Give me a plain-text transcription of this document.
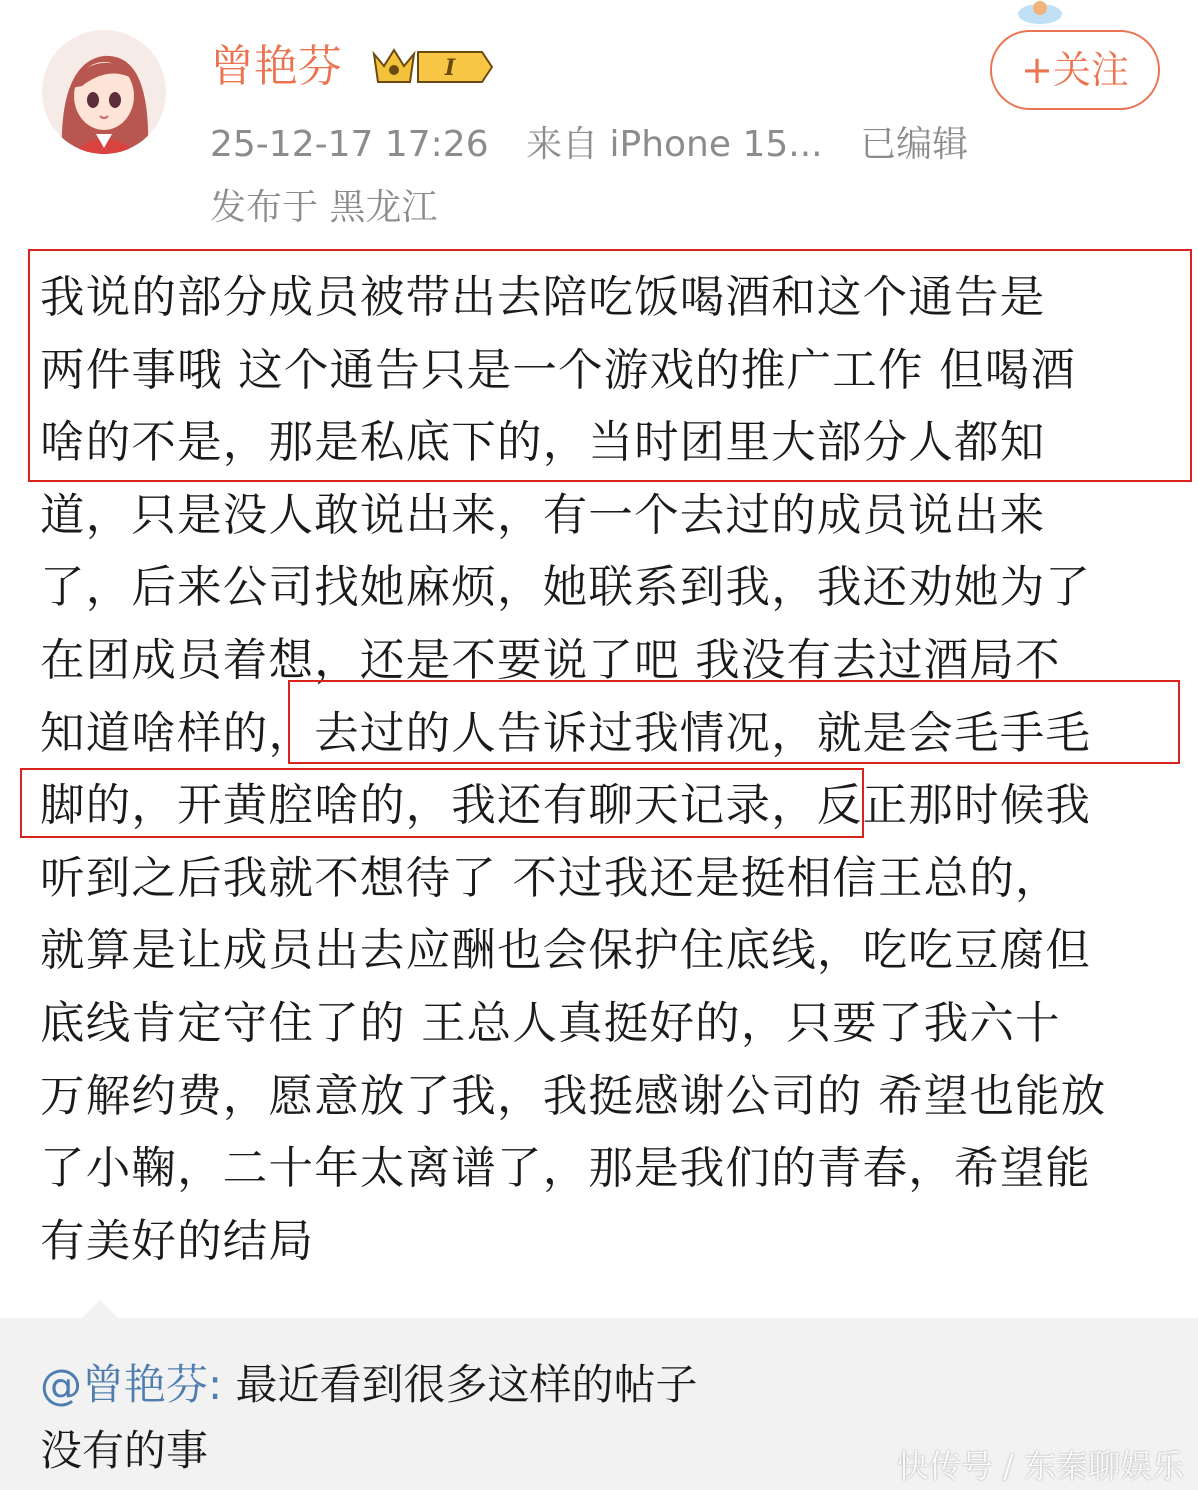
曾艳芬	I	+关注
25-12-17 17:26 来自 iPhone 15... 已编辑
发布于 黑龙江
我说的部分成员被带出去陪吃饭喝酒和这个通告是
两件事哦 这个通告只是一个游戏的推广工作 但喝酒
啥的不是，那是私底下的，当时团里大部分人都知
道，只是没人敢说出来，有一个去过的成员说出来
了，后来公司找她麻烦，她联系到我，我还劝她为了
在团成员着想，还是不要说了吧 我没有去过酒局不
知道啥样的，去过的人告诉过我情况，就是会毛手毛
脚的，开黄腔啥的，我还有聊天记录，反正那时候我
听到之后我就不想待了 不过我还是挺相信王总的，
就算是让成员出去应酬也会保护住底线，吃吃豆腐但
底线肯定守住了的 王总人真挺好的，只要了我六十
万解约费，愿意放了我，我挺感谢公司的 希望也能放
了小鞠，二十年太离谱了，那是我们的青春，希望能
有美好的结局
@曾艳芬: 最近看到很多这样的帖子
没有的事	快传号 / 东秦聊娱乐
